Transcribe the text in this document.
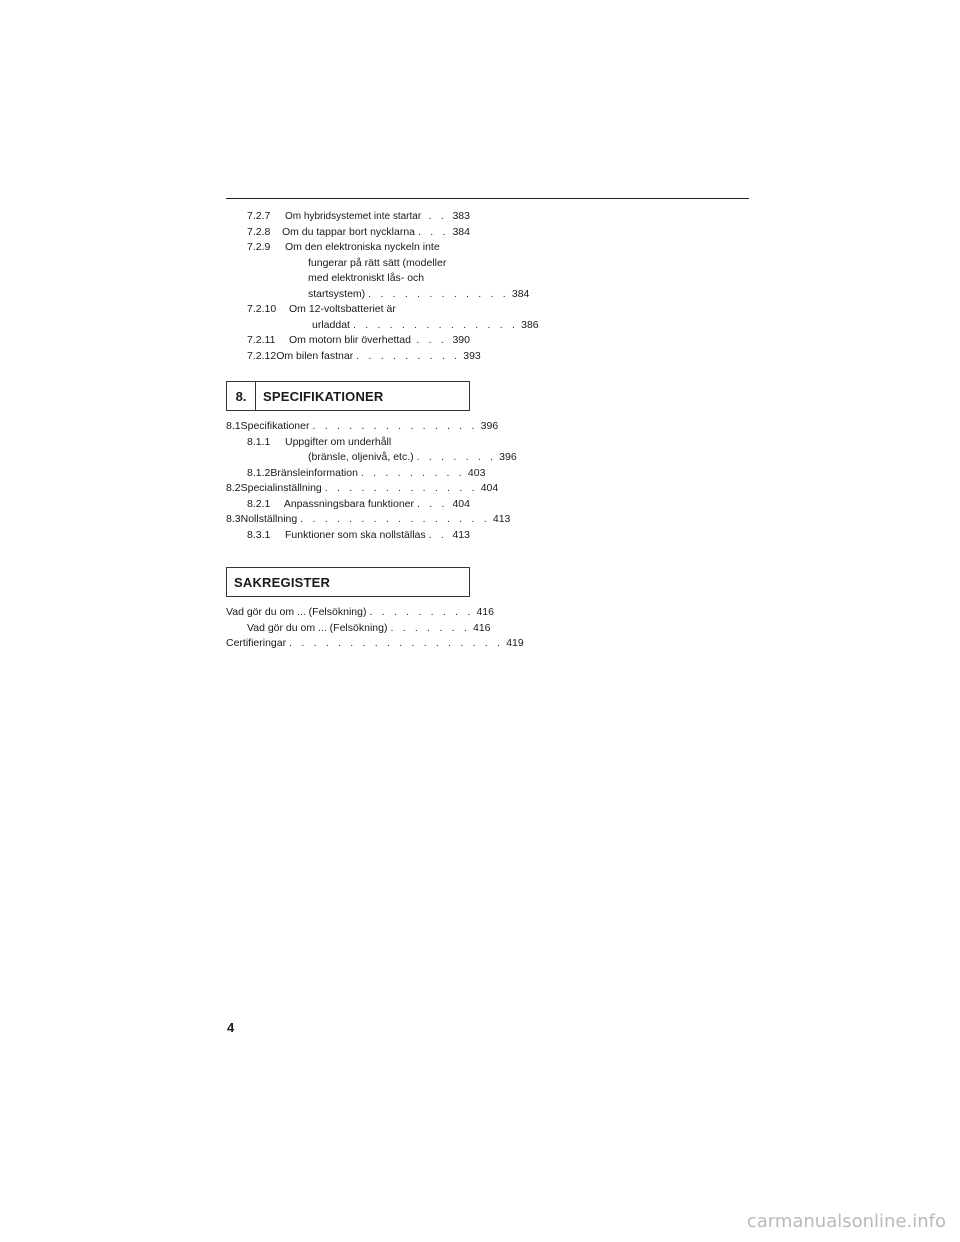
7.2.7	Om hybridsystemet inte startar . . 383
7.2.8	Om du tappar bort nycklarna . . . 384
7.2.9	Om den elektroniska nyckeln inte
fungerar på rätt sätt (modeller
med elektroniskt lås- och
startsystem) . . . . . . . . . . . . 384
7.2.10	Om 12-voltsbatteriet är
urladdat . . . . . . . . . . . . . . 386
7.2.11	Om motorn blir överhettad . . . 390
7.2.12 Om bilen fastnar . . . . . . . . . 393
8.	SPECIFIKATIONER
8.1 Specifikationer . . . . . . . . . . . . . . 396
8.1.1	Uppgifter om underhåll
(bränsle, oljenivå, etc.) . . . . . . . 396
8.1.2 Bränsleinformation . . . . . . . . . 403
8.2 Specialinställning . . . . . . . . . . . . . 404
8.2.1	Anpassningsbara funktioner . . . 404
8.3 Nollställning . . . . . . . . . . . . . . . . 413
8.3.1	Funktioner som ska nollställas . . 413
SAKREGISTER
Vad gör du om ... (Felsökning) . . . . . . . . . 416
Vad gör du om ... (Felsökning) . . . . . . . 416
Certifieringar . . . . . . . . . . . . . . . . . . 419
4
carmanualsonline.info
